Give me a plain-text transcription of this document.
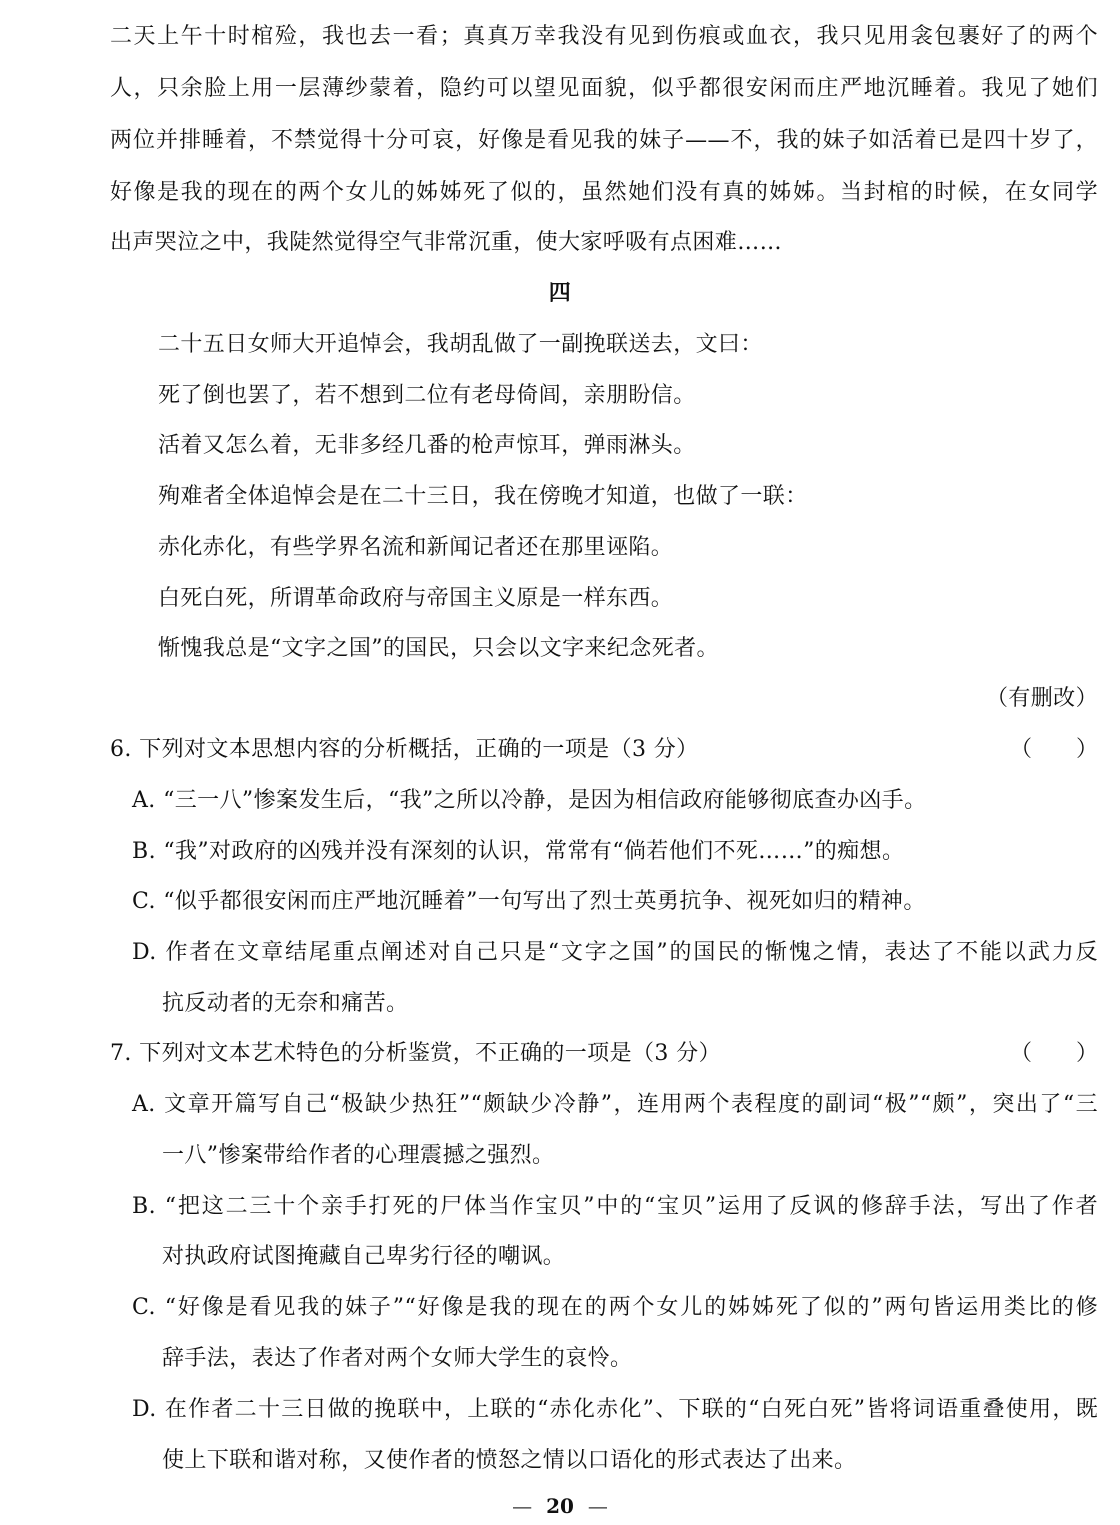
二天上午十时棺殓，我也去一看；真真万幸我没有见到伤痕或血衣，我只见用衾包裹好了的两个
人，只余脸上用一层薄纱蒙着，隐约可以望见面貌，似乎都很安闲而庄严地沉睡着。我见了她们
两位并排睡着，不禁觉得十分可哀，好像是看见我的妹子——不，我的妹子如活着已是四十岁了，
好像是我的现在的两个女儿的姊姊死了似的，虽然她们没有真的姊姊。当封棺的时候，在女同学
出声哭泣之中，我陡然觉得空气非常沉重，使大家呼吸有点困难……
四
二十五日女师大开追悼会，我胡乱做了一副挽联送去，文曰：
死了倒也罢了，若不想到二位有老母倚闾，亲朋盼信。
活着又怎么着，无非多经几番的枪声惊耳，弹雨淋头。
殉难者全体追悼会是在二十三日，我在傍晚才知道，也做了一联：
赤化赤化，有些学界名流和新闻记者还在那里诬陷。
白死白死，所谓革命政府与帝国主义原是一样东西。
惭愧我总是“文字之国”的国民，只会以文字来纪念死者。
（有删改）
6. 下列对文本思想内容的分析概括，正确的一项是（3 分）	（　　）
A. “三一八”惨案发生后，“我”之所以冷静，是因为相信政府能够彻底查办凶手。
B. “我”对政府的凶残并没有深刻的认识，常常有“倘若他们不死……”的痴想。
C. “似乎都很安闲而庄严地沉睡着”一句写出了烈士英勇抗争、视死如归的精神。
D. 作者在文章结尾重点阐述对自己只是“文字之国”的国民的惭愧之情，表达了不能以武力反
抗反动者的无奈和痛苦。
7. 下列对文本艺术特色的分析鉴赏，不正确的一项是（3 分）	（　　）
A. 文章开篇写自己“极缺少热狂”“颇缺少冷静”，连用两个表程度的副词“极”“颇”，突出了“三
一八”惨案带给作者的心理震撼之强烈。
B. “把这二三十个亲手打死的尸体当作宝贝”中的“宝贝”运用了反讽的修辞手法，写出了作者
对执政府试图掩藏自己卑劣行径的嘲讽。
C. “好像是看见我的妹子”“好像是我的现在的两个女儿的姊姊死了似的”两句皆运用类比的修
辞手法，表达了作者对两个女师大学生的哀怜。
D. 在作者二十三日做的挽联中，上联的“赤化赤化”、下联的“白死白死”皆将词语重叠使用，既
使上下联和谐对称，又使作者的愤怒之情以口语化的形式表达了出来。
— 20 —
